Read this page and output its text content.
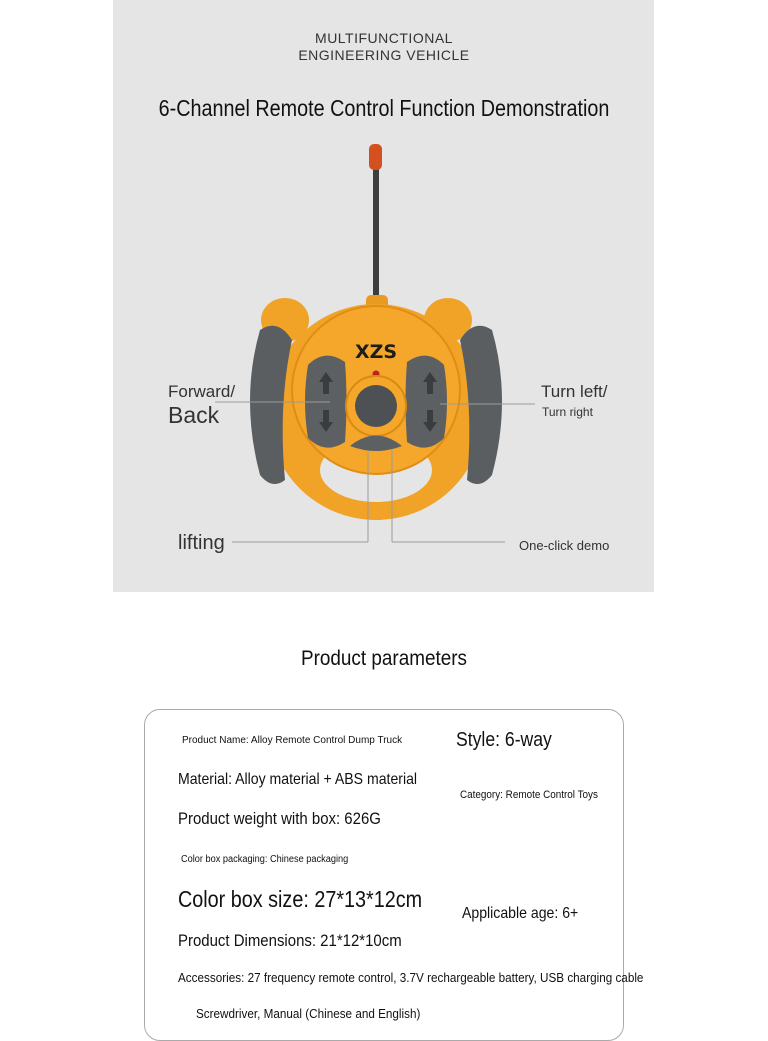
MULTIFUNCTIONAL
ENGINEERING VEHICLE
6-Channel Remote Control Function Demonstration
XZS
Forward/
Back
Turn left/
Turn right
lifting	One-click demo
Product parameters
Product Name: Alloy Remote Control Dump Truck	Style: 6-way
Material: Alloy material + ABS material
Category: Remote Control Toys
Product weight with box: 626G
Color box packaging: Chinese packaging
Color box size: 27*13*12cm
Applicable age: 6+
Product Dimensions: 21*12*10cm
Accessories: 27 frequency remote control, 3.7V rechargeable battery, USB charging cable
Screwdriver, Manual (Chinese and English)
